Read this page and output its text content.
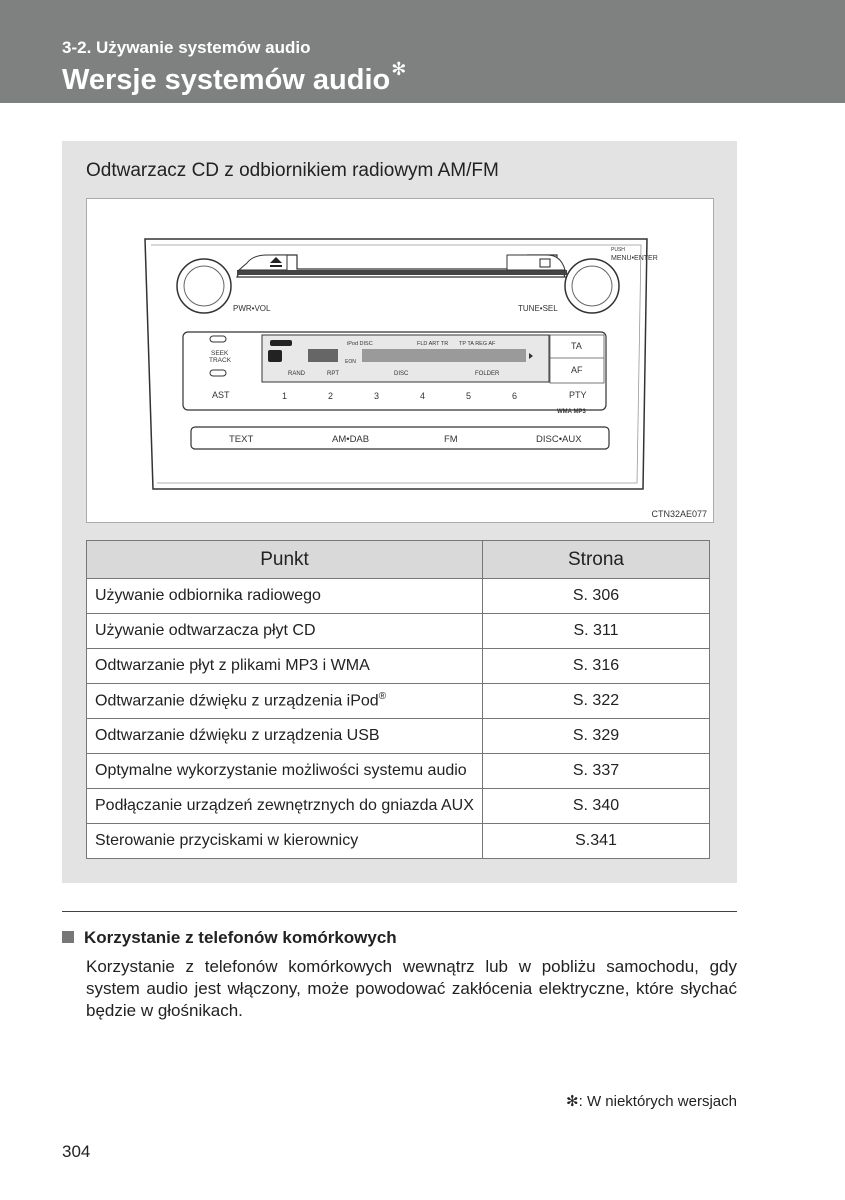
3-2. Używanie systemów audio
Wersje systemów audio✻
Odtwarzacz CD z odbiornikiem radiowym AM/FM
PUSH
MENU•ENTER
PWR•VOL	TUNE•SEL
TA
AF
SEEK
TRACK
iPod DISC	FLD ART TR TP TA REG AF
EON
RAND	RPT	DISC	FOLDER
AST	1	2	3	4	5	6	PTY
WMA MP3
TEXT	AM•DAB	FM	DISC•AUX
CTN32AE077
Punkt	Strona
Używanie odbiornika radiowego	S. 306
Używanie odtwarzacza płyt CD	S. 311
Odtwarzanie płyt z plikami MP3 i WMA	S. 316
Odtwarzanie dźwięku z urządzenia iPod®	S. 322
Odtwarzanie dźwięku z urządzenia USB	S. 329
Optymalne wykorzystanie możliwości systemu audio	S. 337
Podłączanie urządzeń zewnętrznych do gniazda AUX	S. 340
Sterowanie przyciskami w kierownicy	S.341
Korzystanie z telefonów komórkowych
Korzystanie z telefonów komórkowych wewnątrz lub w pobliżu samochodu, gdy system audio jest włączony, może powodować zakłócenia elektryczne, które słychać będzie w głośnikach.
✻: W niektórych wersjach
304
